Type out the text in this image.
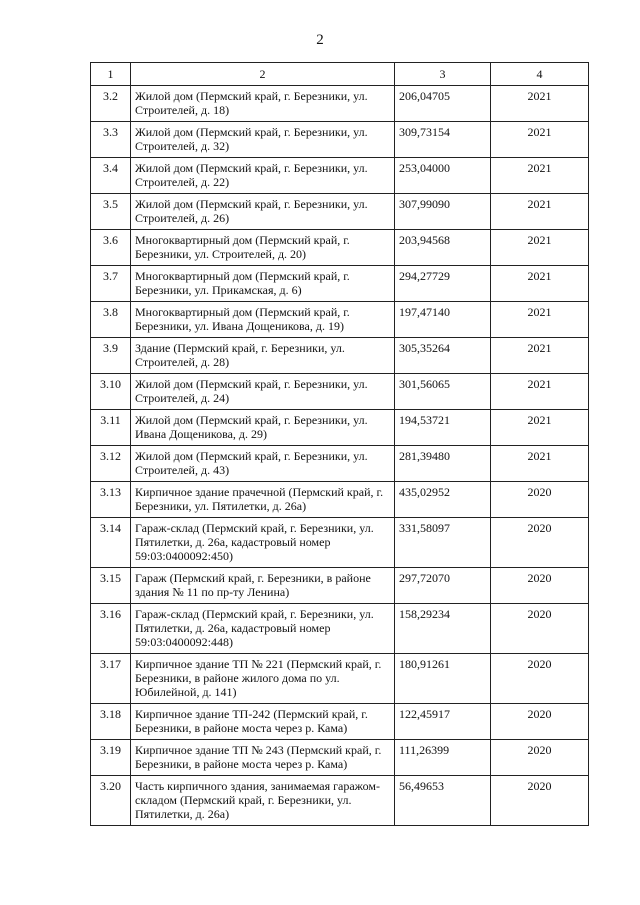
2
1	2	3	4
3.2	Жилой дом (Пермский край, г. Березники, ул. Строителей, д. 18)	206,04705	2021
3.3	Жилой дом (Пермский край, г. Березники, ул. Строителей, д. 32)	309,73154	2021
3.4	Жилой дом (Пермский край, г. Березники, ул. Строителей, д. 22)	253,04000	2021
3.5	Жилой дом (Пермский край, г. Березники, ул. Строителей, д. 26)	307,99090	2021
3.6	Многоквартирный дом (Пермский край, г. Березники, ул. Строителей, д. 20)	203,94568	2021
3.7	Многоквартирный дом (Пермский край, г. Березники, ул. Прикамская, д. 6)	294,27729	2021
3.8	Многоквартирный дом (Пермский край, г. Березники, ул. Ивана Дощеникова, д. 19)	197,47140	2021
3.9	Здание (Пермский край, г. Березники, ул. Строителей, д. 28)	305,35264	2021
3.10	Жилой дом (Пермский край, г. Березники, ул. Строителей, д. 24)	301,56065	2021
3.11	Жилой дом (Пермский край, г. Березники, ул. Ивана Дощеникова, д. 29)	194,53721	2021
3.12	Жилой дом (Пермский край, г. Березники, ул. Строителей, д. 43)	281,39480	2021
3.13	Кирпичное здание прачечной (Пермский край, г. Березники, ул. Пятилетки, д. 26а)	435,02952	2020
3.14	Гараж-склад (Пермский край, г. Березники, ул. Пятилетки, д. 26а, кадастровый номер 59:03:0400092:450)	331,58097	2020
3.15	Гараж (Пермский край, г. Березники, в районе здания № 11 по пр-ту Ленина)	297,72070	2020
3.16	Гараж-склад (Пермский край, г. Березники, ул. Пятилетки, д. 26а, кадастровый номер 59:03:0400092:448)	158,29234	2020
3.17	Кирпичное здание ТП № 221 (Пермский край, г. Березники, в районе жилого дома по ул. Юбилейной, д. 141)	180,91261	2020
3.18	Кирпичное здание ТП-242 (Пермский край, г. Березники, в районе моста через р. Кама)	122,45917	2020
3.19	Кирпичное здание ТП № 243 (Пермский край, г. Березники, в районе моста через р. Кама)	111,26399	2020
3.20	Часть кирпичного здания, занимаемая гаражом-складом (Пермский край, г. Березники, ул. Пятилетки, д. 26а)	56,49653	2020
